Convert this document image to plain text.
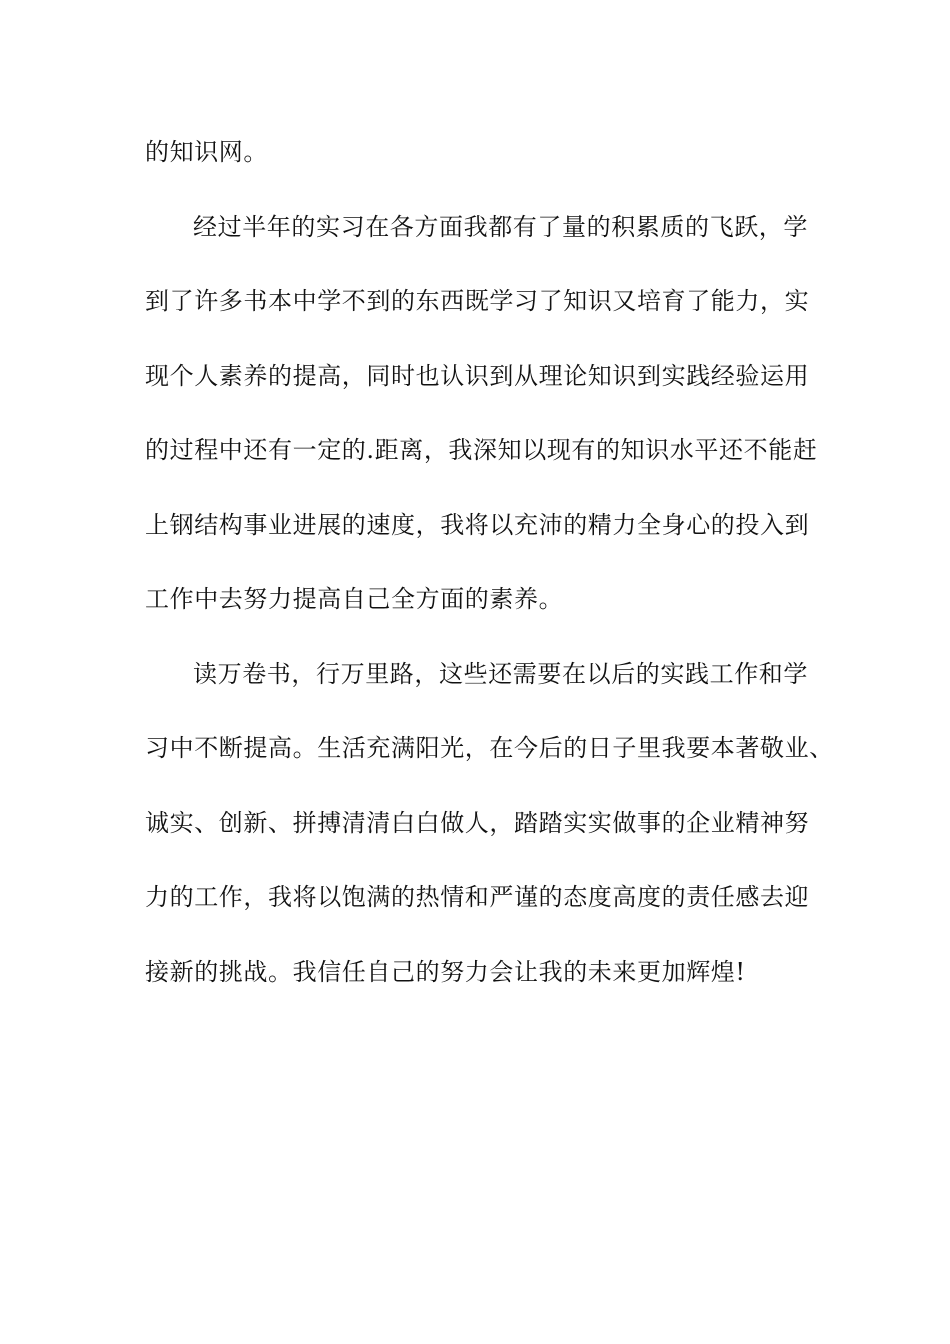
的知识网。
经过半年的实习在各方面我都有了量的积累质的飞跃，学
到了许多书本中学不到的东西既学习了知识又培育了能力，实
现个人素养的提高，同时也认识到从理论知识到实践经验运用
的过程中还有一定的.距离，我深知以现有的知识水平还不能赶
上钢结构事业进展的速度，我将以充沛的精力全身心的投入到
工作中去努力提高自己全方面的素养。
读万卷书，行万里路，这些还需要在以后的实践工作和学
习中不断提高。生活充满阳光，在今后的日子里我要本著敬业、
诚实、创新、拼搏清清白白做人，踏踏实实做事的企业精神努
力的工作，我将以饱满的热情和严谨的态度高度的责任感去迎
接新的挑战。我信任自己的努力会让我的未来更加辉煌!
